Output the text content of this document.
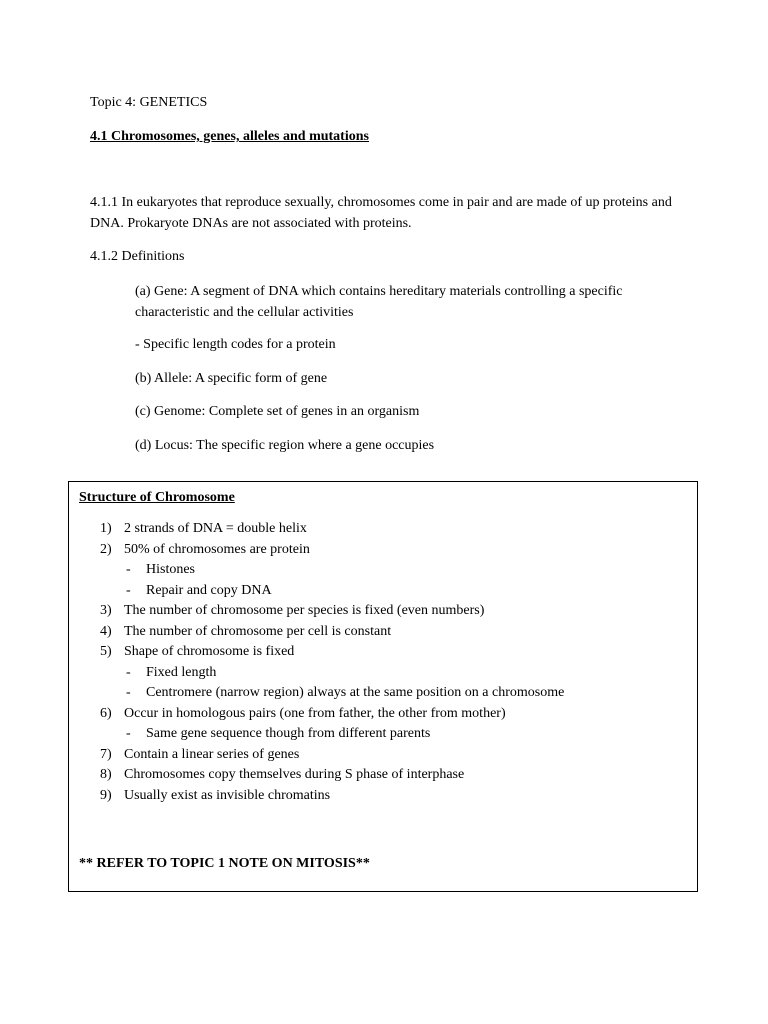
Topic 4: GENETICS
4.1 Chromosomes, genes, alleles and mutations
4.1.1 In eukaryotes that reproduce sexually, chromosomes come in pair and are made of up proteins and DNA. Prokaryote DNAs are not associated with proteins.
4.1.2 Definitions
(a) Gene: A segment of DNA which contains hereditary materials controlling a specific characteristic and the cellular activities
- Specific length codes for a protein
(b) Allele: A specific form of gene
(c) Genome: Complete set of genes in an organism
(d) Locus: The specific region where a gene occupies
Structure of Chromosome
1) 2 strands of DNA = double helix
2) 50% of chromosomes are protein
- Histones
- Repair and copy DNA
3) The number of chromosome per species is fixed (even numbers)
4) The number of chromosome per cell is constant
5) Shape of chromosome is fixed
- Fixed length
- Centromere (narrow region) always at the same position on a chromosome
6) Occur in homologous pairs (one from father, the other from mother)
- Same gene sequence though from different parents
7) Contain a linear series of genes
8) Chromosomes copy themselves during S phase of interphase
9) Usually exist as invisible chromatins
** REFER TO TOPIC 1 NOTE ON MITOSIS**
